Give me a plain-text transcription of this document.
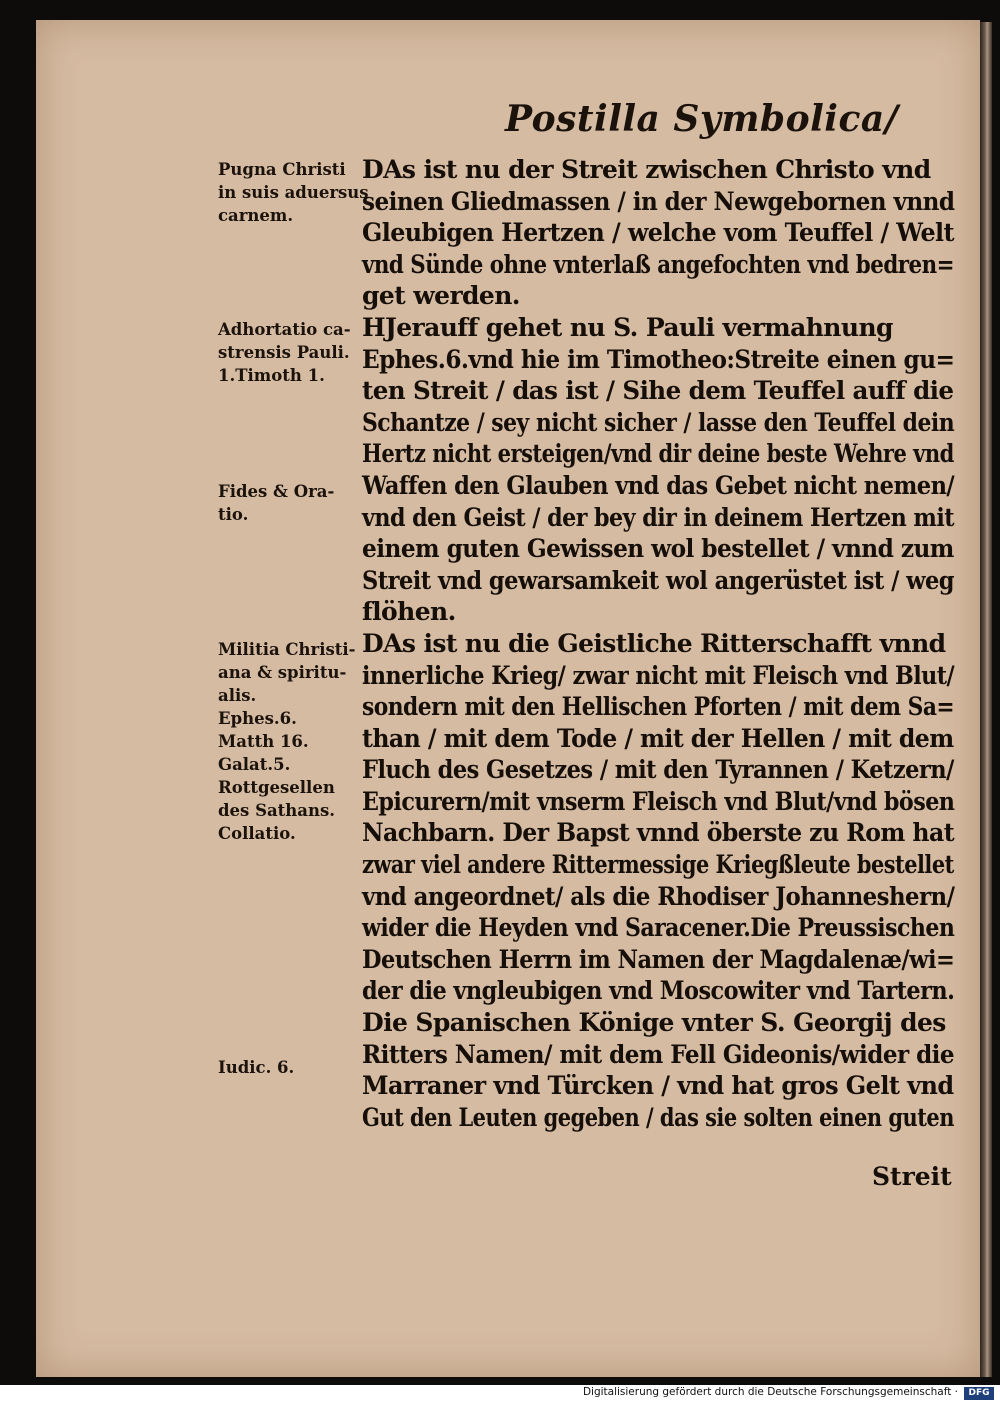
Postilla Symbolica/
Pugna Christi
in suis aduersus
carnem.
Adhortatio ca-
strensis Pauli.
1.Timoth 1.
Fides & Ora-
tio.
Militia Christi-
ana & spiritu-
alis.
Ephes.6.
Matth 16.
Galat.5.
Rottgesellen
des Sathans.
Collatio.
Iudic. 6.
DAs ist nu der Streit zwischen Christo vnd
seinen Gliedmassen / in der Newgebornen vnnd
Gleubigen Hertzen / welche vom Teuffel / Welt
vnd Sünde ohne vnterlaß angefochten vnd bedren=
get werden.
HJerauff gehet nu S. Pauli vermahnung
Ephes.6.vnd hie im Timotheo:Streite einen gu=
ten Streit / das ist / Sihe dem Teuffel auff die
Schantze / sey nicht sicher / lasse den Teuffel dein
Hertz nicht ersteigen/vnd dir deine beste Wehre vnd
Waffen den Glauben vnd das Gebet nicht nemen/
vnd den Geist / der bey dir in deinem Hertzen mit
einem guten Gewissen wol bestellet / vnnd zum
Streit vnd gewarsamkeit wol angerüstet ist / weg
flöhen.
DAs ist nu die Geistliche Ritterschafft vnnd
innerliche Krieg/ zwar nicht mit Fleisch vnd Blut/
sondern mit den Hellischen Pforten / mit dem Sa=
than / mit dem Tode / mit der Hellen / mit dem
Fluch des Gesetzes / mit den Tyrannen / Ketzern/
Epicurern/mit vnserm Fleisch vnd Blut/vnd bösen
Nachbarn. Der Bapst vnnd öberste zu Rom hat
zwar viel andere Rittermessige Kriegßleute bestellet
vnd angeordnet/ als die Rhodiser Johanneshern/
wider die Heyden vnd Saracener.Die Preussischen
Deutschen Herrn im Namen der Magdalenæ/wi=
der die vngleubigen vnd Moscowiter vnd Tartern.
Die Spanischen Könige vnter S. Georgij des
Ritters Namen/ mit dem Fell Gideonis/wider die
Marraner vnd Türcken / vnd hat gros Gelt vnd
Gut den Leuten gegeben / das sie solten einen guten
Streit
Digitalisierung gefördert durch die Deutsche Forschungsgemeinschaft ·	DFG
